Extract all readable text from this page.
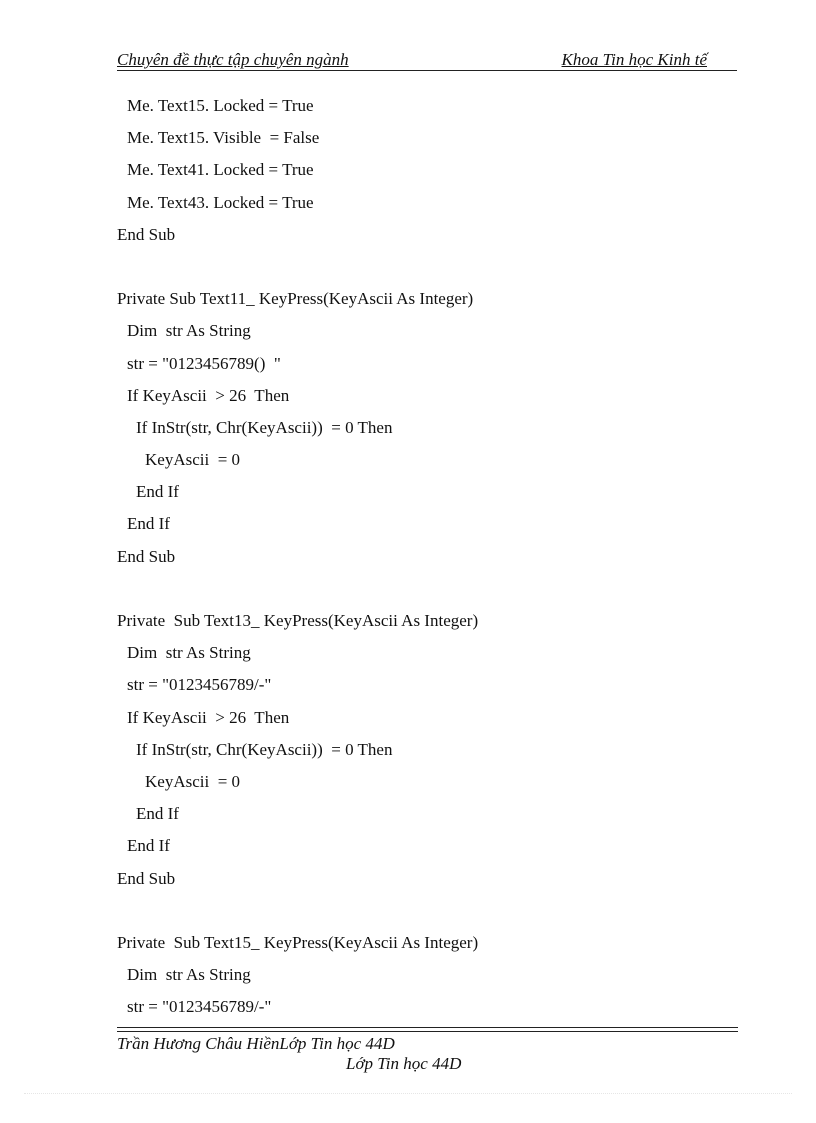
Chuyên đề thực tập chuyên ngành	Khoa Tin học Kinh tế
Me. Text15. Locked = True
Me. Text15. Visible  = False
Me. Text41. Locked = True
Me. Text43. Locked = True
End Sub
Private Sub Text11_ KeyPress(KeyAscii As Integer)
Dim  str As String
str = "0123456789()  "
If KeyAscii  > 26  Then
If InStr(str, Chr(KeyAscii))  = 0 Then
KeyAscii  = 0
End If
End If
End Sub
Private  Sub Text13_ KeyPress(KeyAscii As Integer)
Dim  str As String
str = "0123456789/-"
If KeyAscii  > 26  Then
If InStr(str, Chr(KeyAscii))  = 0 Then
KeyAscii  = 0
End If
End If
End Sub
Private  Sub Text15_ KeyPress(KeyAscii As Integer)
Dim  str As String
str = "0123456789/-"
Trần Hương Châu HiềnLớp Tin học 44D
Lớp Tin học 44D
